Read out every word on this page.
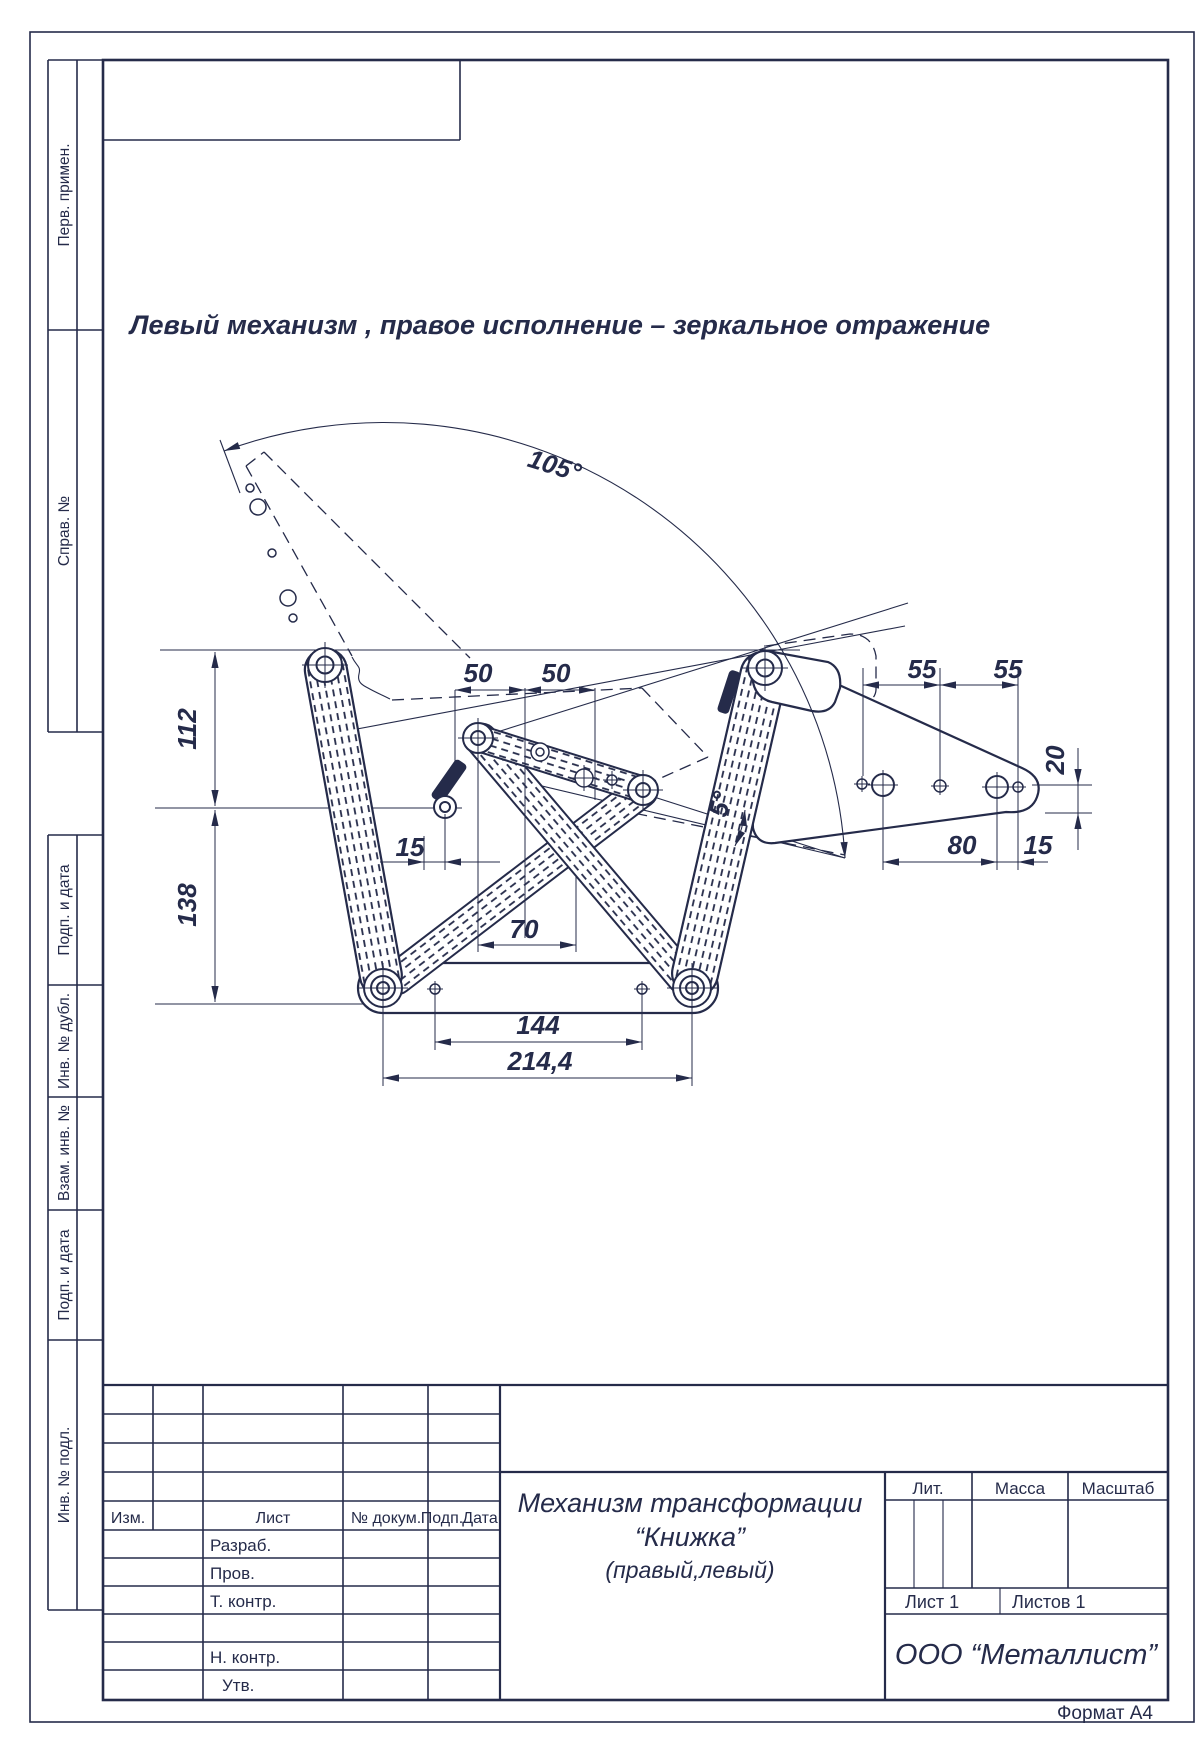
Перв. примен.
Справ. №
Подп. и дата
Инв. № дубл.
Взам. инв. №
Подп. и дата
Инв. № подл.
Левый механизм , правое исполнение – зеркальное отражение
105°
5°
50 50
15
112
138
70
144
214,4
55 55
80 15
20
Изм.	Лист	№ докум. Подп. Дата
Разраб.
Пров.
Т. контр.
Н. контр.
Утв.
Лит.	Масса Масштаб
Механизм трансформации
“Книжка”
(правый,левый)
Лист 1	Листов 1
ООО “Металлист”
Формат А4
